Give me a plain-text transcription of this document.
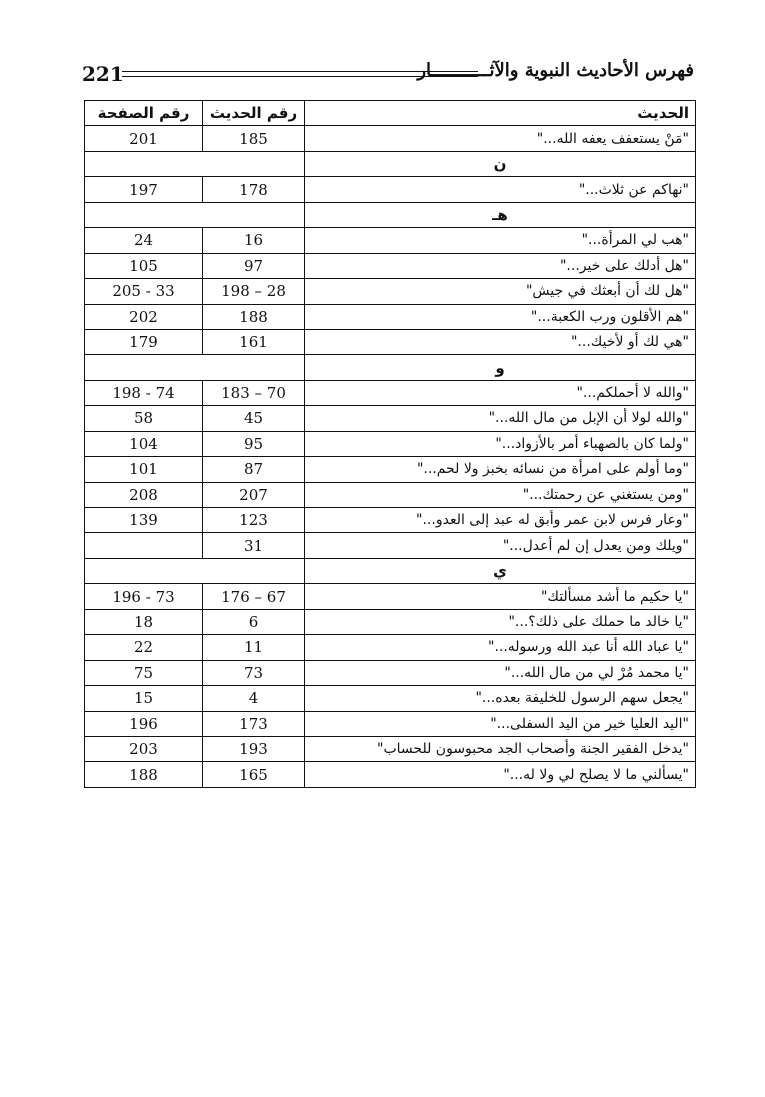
221	فهرس الأحاديث النبوية والآثـــــــــــار
رقم الصفحة	رقم الحديث	الحديث
201	185	"مَنْ يستعفف يعفه الله..."
		ن
197	178	"نهاكم عن ثلاث..."
		هـ
24	16	"هب لي المرأة..."
105	97	"هل أدلك على خير..."
205 - 33	198 – 28	"هل لك أن أبعثك في جيش"
202	188	"هم الأقلون ورب الكعبة..."
179	161	"هي لك أو لأخيك..."
		و
198 - 74	183 – 70	"والله لا أحملكم..."
58	45	"والله لولا أن الإبل من مال الله..."
104	95	"ولما كان بالصهباء أمر بالأزواد..."
101	87	"وما أولم على امرأة من نسائه بخبز ولا لحم..."
208	207	"ومن يستغني عن رحمتك..."
139	123	"وعار فرس لابن عمر وأبق له عبد إلى العدو..."
	31	"ويلك ومن يعدل إن لم أعدل..."
		ي
196 - 73	176 – 67	"يا حكيم ما أشد مسألتك"
18	6	"يا خالد ما حملك على ذلك؟..."
22	11	"يا عباد الله أنا عبد الله ورسوله..."
75	73	"يا محمد مُرْ لي من مال الله..."
15	4	"يجعل سهم الرسول للخليفة بعده..."
196	173	"اليد العليا خير من اليد السفلى..."
203	193	"يدخل الفقير الجنة وأصحاب الجد محبوسون للحساب"
188	165	"يسألني ما لا يصلح لي ولا له..."
